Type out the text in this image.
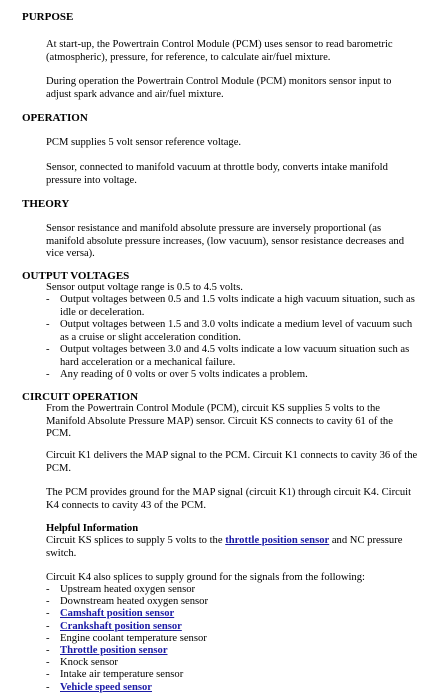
PURPOSE
At start-up, the Powertrain Control Module (PCM) uses sensor to read barometric (atmospheric), pressure, for reference, to calculate air/fuel mixture.
During operation the Powertrain Control Module (PCM) monitors sensor input to adjust spark advance and air/fuel mixture.
OPERATION
PCM supplies 5 volt sensor reference voltage.
Sensor, connected to manifold vacuum at throttle body, converts intake manifold pressure into voltage.
THEORY
Sensor resistance and manifold absolute pressure are inversely proportional (as manifold absolute pressure increases, (low vacuum), sensor resistance decreases and vice versa).
OUTPUT VOLTAGES
Sensor output voltage range is 0.5 to 4.5 volts.
- Output voltages between 0.5 and 1.5 volts indicate a high vacuum situation, such as idle or deceleration.
- Output voltages between 1.5 and 3.0 volts indicate a medium level of vacuum such as a cruise or slight acceleration condition.
- Output voltages between 3.0 and 4.5 volts indicate a low vacuum situation such as hard acceleration or a mechanical failure.
- Any reading of 0 volts or over 5 volts indicates a problem.
CIRCUIT OPERATION
From the Powertrain Control Module (PCM), circuit KS supplies 5 volts to the Manifold Absolute Pressure MAP) sensor. Circuit KS connects to cavity 61 of the PCM.
Circuit K1 delivers the MAP signal to the PCM. Circuit K1 connects to cavity 36 of the PCM.
The PCM provides ground for the MAP signal (circuit K1) through circuit K4. Circuit K4 connects to cavity 43 of the PCM.
Helpful Information
Circuit KS splices to supply 5 volts to the throttle position sensor and NC pressure switch.
Circuit K4 also splices to supply ground for the signals from the following:
- Upstream heated oxygen sensor
- Downstream heated oxygen sensor
- Camshaft position sensor
- Crankshaft position sensor
- Engine coolant temperature sensor
- Throttle position sensor
- Knock sensor
- Intake air temperature sensor
- Vehicle speed sensor
